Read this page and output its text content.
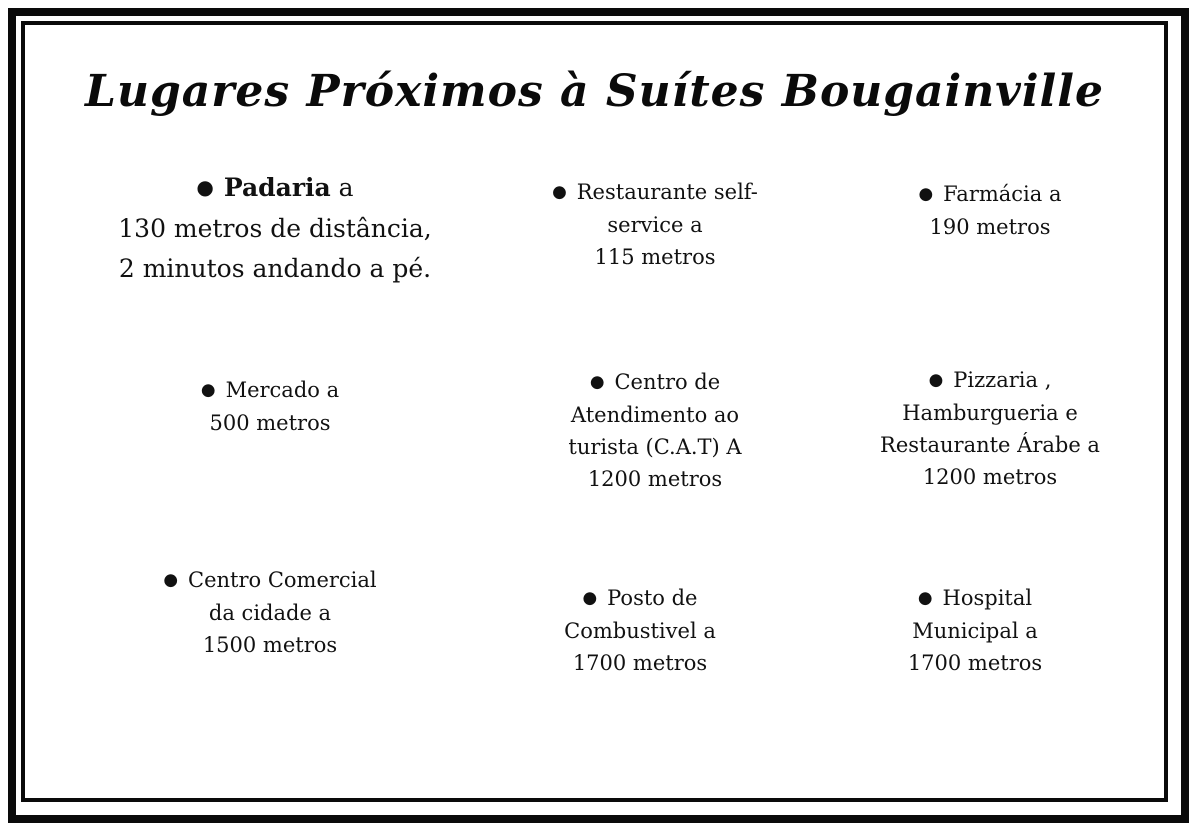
Lugares Próximos à Suítes Bougainville
● Padaria a
130 metros de distância,
2 minutos andando a pé.
● Restaurante self-
service a
115 metros
● Farmácia a
190 metros
● Mercado a
500 metros
● Centro de
Atendimento ao
turista (C.A.T) A
1200 metros
● Pizzaria ,
Hamburgueria e
Restaurante Árabe a
1200 metros
● Centro Comercial
da cidade a
1500 metros
● Posto de
Combustivel a
1700 metros
● Hospital
Municipal a
1700 metros
